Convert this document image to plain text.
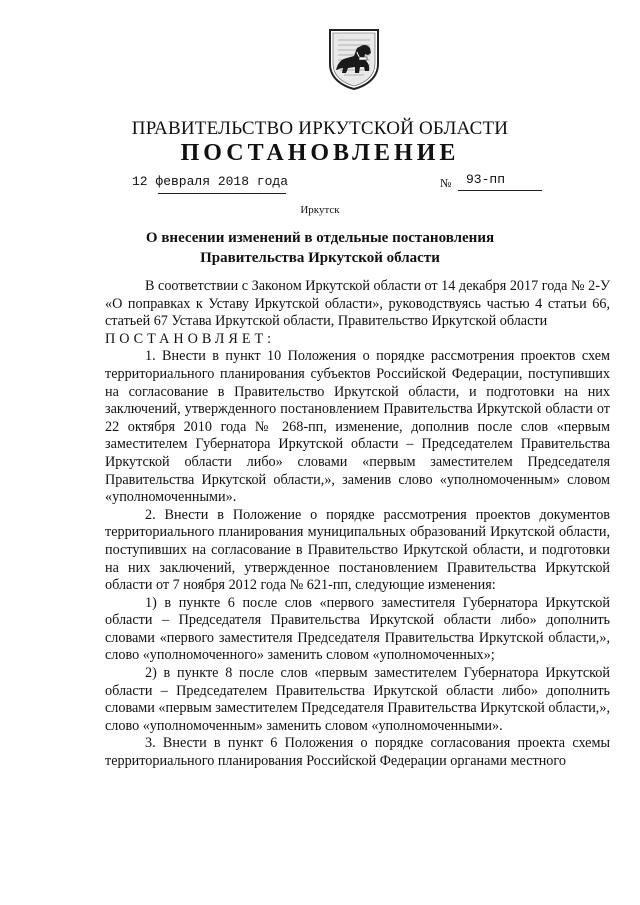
ПРАВИТЕЛЬСТВО ИРКУТСКОЙ ОБЛАСТИ
ПОСТАНОВЛЕНИЕ
12 февраля 2018 года	№ 93-пп
Иркутск
О внесении изменений в отдельные постановления Правительства Иркутской области

В соответствии с Законом Иркутской области от 14 декабря 2017 года № 2-У «О поправках к Уставу Иркутской области», руководствуясь частью 4 статьи 66, статьей 67 Устава Иркутской области, Правительство Иркутской области

ПОСТАНОВЛЯЕТ:

1. Внести в пункт 10 Положения о порядке рассмотрения проектов схем территориального планирования субъектов Российской Федерации, поступивших на согласование в Правительство Иркутской области, и подготовки на них заключений, утвержденного постановлением Правительства Иркутской области от 22 октября 2010 года № 268-пп, изменение, дополнив после слов «первым заместителем Губернатора Иркутской области – Председателем Правительства Иркутской области либо» словами «первым заместителем Председателя Правительства Иркутской области,», заменив слово «уполномоченным» словом «уполномоченными».

2. Внести в Положение о порядке рассмотрения проектов документов территориального планирования муниципальных образований Иркутской области, поступивших на согласование в Правительство Иркутской области, и подготовки на них заключений, утвержденное постановлением Правительства Иркутской области от 7 ноября 2012 года № 621-пп, следующие изменения:

1) в пункте 6 после слов «первого заместителя Губернатора Иркутской области – Председателя Правительства Иркутской области либо» дополнить словами «первого заместителя Председателя Правительства Иркутской области,», слово «уполномоченного» заменить словом «уполномоченных»;

2) в пункте 8 после слов «первым заместителем Губернатора Иркутской области – Председателем Правительства Иркутской области либо» дополнить словами «первым заместителем Председателя Правительства Иркутской области,», слово «уполномоченным» заменить словом «уполномоченными».

3. Внести в пункт 6 Положения о порядке согласования проекта схемы территориального планирования Российской Федерации органами местного
